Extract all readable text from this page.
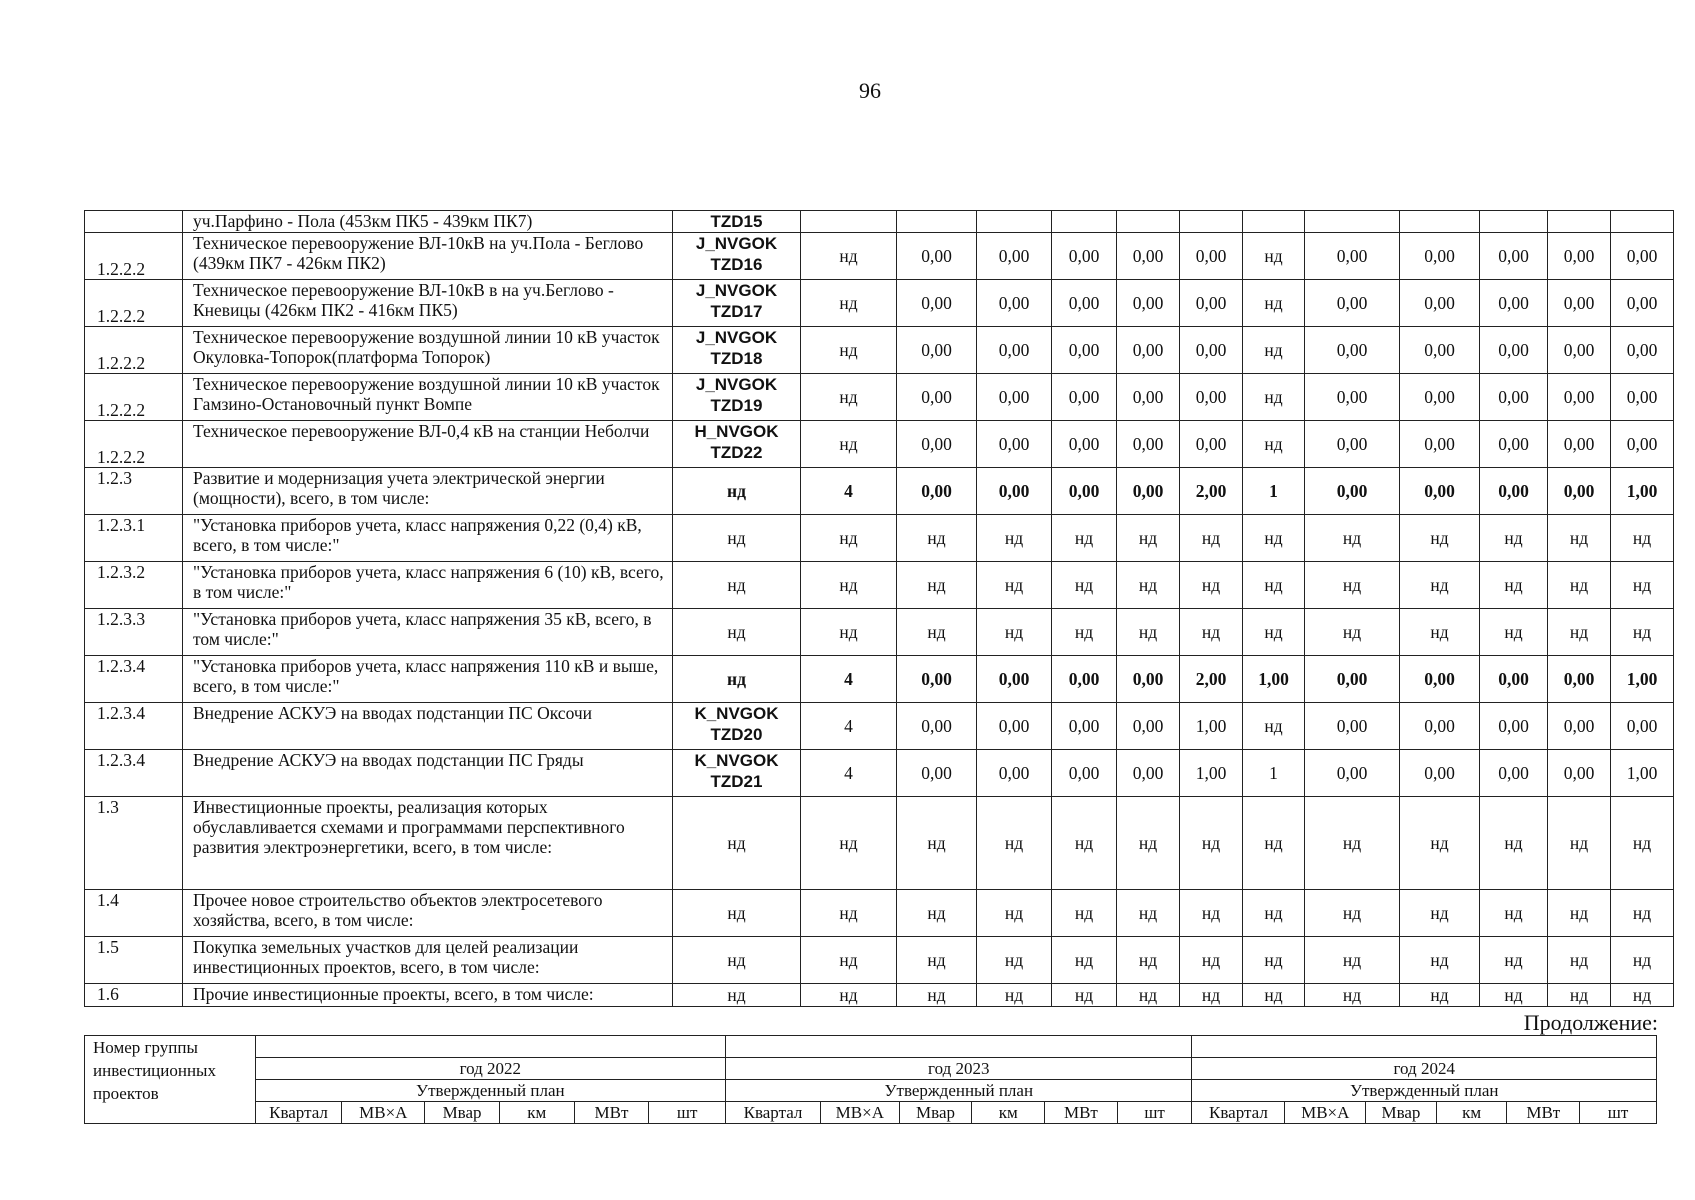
96
	уч.Парфино - Пола (453км ПК5 - 439км ПК7)	TZD15													
1.2.2.2	Техническое перевооружение ВЛ-10кВ на уч.Пола - Беглово (439км ПК7 - 426км ПК2)	J_NVGOK TZD16	нд	0,00	0,00	0,00	0,00	0,00	нд	0,00	0,00	0,00	0,00	0,00	
1.2.2.2	Техническое перевооружение ВЛ-10кВ в на уч.Беглово - Кневицы (426км ПК2 - 416км ПК5)	J_NVGOK TZD17	нд	0,00	0,00	0,00	0,00	0,00	нд	0,00	0,00	0,00	0,00	0,00	
1.2.2.2	Техническое перевооружение воздушной линии 10 кВ участок Окуловка-Топорок(платформа Топорок)	J_NVGOK TZD18	нд	0,00	0,00	0,00	0,00	0,00	нд	0,00	0,00	0,00	0,00	0,00	
1.2.2.2	Техническое перевооружение воздушной линии 10 кВ участок Гамзино-Остановочный пункт Вомпе	J_NVGOK TZD19	нд	0,00	0,00	0,00	0,00	0,00	нд	0,00	0,00	0,00	0,00	0,00	
1.2.2.2	Техническое перевооружение ВЛ-0,4 кВ на станции Неболчи	H_NVGOK TZD22	нд	0,00	0,00	0,00	0,00	0,00	нд	0,00	0,00	0,00	0,00	0,00	
1.2.3	Развитие и модернизация учета электрической энергии (мощности), всего, в том числе:	нд	4	0,00	0,00	0,00	0,00	2,00	1	0,00	0,00	0,00	0,00	1,00	
1.2.3.1	"Установка приборов учета, класс напряжения 0,22 (0,4) кВ, всего, в том числе:"	нд	нд	нд	нд	нд	нд	нд	нд	нд	нд	нд	нд	нд	
1.2.3.2	"Установка приборов учета, класс напряжения 6 (10) кВ, всего, в том числе:"	нд	нд	нд	нд	нд	нд	нд	нд	нд	нд	нд	нд	нд	
1.2.3.3	"Установка приборов учета, класс напряжения 35 кВ, всего, в том числе:"	нд	нд	нд	нд	нд	нд	нд	нд	нд	нд	нд	нд	нд	
1.2.3.4	"Установка приборов учета, класс напряжения 110 кВ и выше, всего, в том числе:"	нд	4	0,00	0,00	0,00	0,00	2,00	1,00	0,00	0,00	0,00	0,00	1,00	
1.2.3.4	Внедрение АСКУЭ на вводах подстанции ПС Оксочи	K_NVGOK TZD20	4	0,00	0,00	0,00	0,00	1,00	нд	0,00	0,00	0,00	0,00	0,00	
1.2.3.4	Внедрение АСКУЭ на вводах подстанции ПС Гряды	K_NVGOK TZD21	4	0,00	0,00	0,00	0,00	1,00	1	0,00	0,00	0,00	0,00	1,00	
1.3	Инвестиционные проекты, реализация которых обуславливается схемами и программами перспективного развития электроэнергетики, всего, в том числе:	нд	нд	нд	нд	нд	нд	нд	нд	нд	нд	нд	нд	нд	
1.4	Прочее новое строительство объектов электросетевого хозяйства, всего, в том числе:	нд	нд	нд	нд	нд	нд	нд	нд	нд	нд	нд	нд	нд	
1.5	Покупка земельных участков для целей реализации инвестиционных проектов, всего, в том числе:	нд	нд	нд	нд	нд	нд	нд	нд	нд	нд	нд	нд	нд	
1.6	Прочие инвестиционные проекты, всего, в том числе:	нд	нд	нд	нд	нд	нд	нд	нд	нд	нд	нд	нд	нд	
Продолжение:
Номер группы инвестиционных проектов																		
	год 2022						год 2023						год 2024					
	Утвержденный план						Утвержденный план						Утвержденный план					
	Квартал	МВ×А	Мвар	км	МВт	шт	Квартал	МВ×А	Мвар	км	МВт	шт	Квартал	МВ×А	Мвар	км	МВт	шт
